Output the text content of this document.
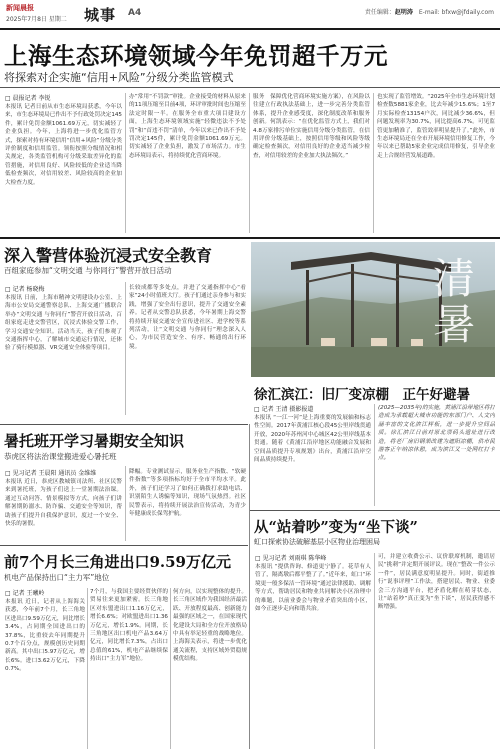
新闻晨报
2025年7月8日 星期二 城事 A4	责任编辑：赵明涛　 E-mail: bfxw@jfdaily.com
上海生态环境领域今年免罚超千万元
将探索对企实施“信用+风险”分级分类监管模式
□ 晨报记者 李锐
本报讯 记者日前从市生态环境局获悉，今年以来，市生态环境局已作出不予行政处罚决定145件，累计免罚金额1061.69万元，切实减轻了企业负担。今年，上海将进一步优化监管方式，探索对持有环境信用“信用+风险”分级分类评价制度和信用监管。领衔按照分级情况和相关规定，各类监管机构可分级采取差异化的监管措施，对信用良好、风险较低的企业适当降低检查频次，对信用较差、风险较高的企业加大检查力度。
办”常用“不罚款”审批。企业接受的材料从原来的11项压缩至目前4项，环评审批时间也压缩至法定时限一半。在服务全市重大项目建设方面，上海生态环境领域实施“轻微违法不予处罚”和“首违不罚”清单，今年以来已作出不予处罚决定145件，累计免罚金额1061.69万元。切实减轻了企业负担，激发了市场活力。市生态环境局表示，将持续优化营商环境。
服务　保障优化营商环境实施方案），在风险以往建立行政执法基础上，进一步完善分类监管体系，提升企业感受度，深化制度改革和服务创新。何凯表示：“在优化监管方式上，我们对4.8万家排污单位实施信用分级分类监管，在信用评价分级基础上，按照信用等级和风险等级确定检查频次，对信用良好的企业适当减少检查，对信用较差的企业加大执法频次。”
也实现了监管增效。“2025年全市生态环境计划检查数5881家企业，比去年减少15.6%；1至7月实际检查13154户次，同比减少36.6%，但问题发现率为30.7%，同比提高6.7%。可见监管更加精准了，监管效率明显提升了。”此外，市生态环境局还在全市开展环境信用修复工作，今年以来已帮助5家企业完成信用修复，引导企业走上合规经营发展道路。
深入警营体验沉浸式安全教育
百组家庭参加“文明交通 与你同行”警营开放日活动
□ 记者 杨晓梅
本报讯 日前，上海市精神文明建设办公室、上海市公安局交通警察总队、上海交通广播联合举办“文明交通 与你同行”警营开放日活动，百组家庭走进交警营区，沉浸式体验交警工作，学习交通安全知识。活动当天，孩子们参观了交通指挥中心，了解城市交通运行情况，还体验了骑行模拟器、VR交通安全体验等项目。
长较成都等多处点，并进了交通指挥中心“看家”24小时值班大厅。孩子们通过亲身参与和实践，增强了安全出行意识，提升了交通安全素养。记者从交警总队获悉，今年暑期上海交警将持续开展交通安全宣传进社区、进学校等系列活动，让“文明交通 与你同行”理念深入人心，为市民营造安全、有序、畅通的出行环境。
清
暑
徐汇滨江：旧厂变凉棚　正午好避暑
□ 记者 王清 摄影报道
本报讯 “一江一河”是上海重要的发展轴和标志性空间。2017年黄浦江核心段45公里岸线贯通开放，2020年苏州河中心城区42公里岸线基本贯通。随着《黄浦江沿岸地区功能融合发展和空间品质提升专项规划》出台，黄浦江沿岸空间品质持续提升。
(2025—2035年)的实施，黄浦江沿岸地区将打造成为承载超大城市功能的东部门户、人文内涵丰富的文化滨江样板，进一步提升空间品质。徐汇滨江日前对原北票码头遗址进行改造，将老厂房旧钢架改建为遮阳凉棚，供市民游客正午纳凉休憩，成为滨江又一处网红打卡点。
暑托班开学习暑期安全知识
恭虎区将法治课堂搬进爱心暑托班
□ 见习记者 王晨阳 通讯员 金维维
本报讯 近日，恭虎区教城镇司法所、社区民警来到暑托班，为孩子们送上一堂暑期法治课。通过互动问答、情景模拟等方式，向孩子们讲解暑期防溺水、防诈骗、交通安全等知识，帮助孩子们提升自我保护意识，度过一个安全、快乐的暑假。
降幅。专业测试显示，服务业生产指数、“软硬件指数”等多项指标均好于全市平均水平。此外，孩子们还学习了如何正确拨打求助电话、识别陌生人诱骗等知识，现场气氛热烈。社区民警表示，将持续开展法治宣传活动，为青少年健康成长保驾护航。
从“站着吵”变为“坐下谈”
虹口探索协法破解基层小区物业治理困局
□ 见习记者 刘雨琪 陈华峰
本报讯 “提供咨询、修道更宁静了。花草有人管了，隔离墩后都平整了了。”近年来，虹口“环境更一般多保洁一管环境”通过法律援助、调解等方式，帮助居民和物业共同解决小区治理中的难题，以前业委会与物业矛盾突出的小区，如今正逐步走向和谐共治。
可，并建立收费公示、议价联席机制，邀请居民“挑刺”并定期开展评议。现在“整改一件公示一件”，居民满意度明显提升。同时，街道推行“说事评理”工作法，搭建居民、物业、业委会三方沟通平台，把矛盾化解在萌芽状态，让“站着吵”真正变为“坐下谈”，居民获得感不断增强。
前7个月长三角进出口9.59万亿元
机电产品保持出口“主力军”地位
□ 记者 王曦岭
本报讯 近日，记者从上海海关获悉，今年前7个月，长三角地区进出口9.59万亿元，同比增长3.4%，占同期全国进出口的37.8%，比重较去年同期提升0.7个百分点，规模创历史同期新高。其中出口5.97万亿元，增长6%。进口3.62万亿元，下降0.7%。
7个月，与我国主要经贸伙伴的贸易往来更加紧密。长三角地区对东盟进出口1.16万亿元，增长6.6%；对欧盟进出口1.36万亿元，增长1.9%。同期，长三角地区出口机电产品3.64万亿元，同比增长7.3%，占出口总值的61%，机电产品继续保持出口“主力军”地位。
何方向，以实现整体的提升。长三角区域作为我国经济最活跃、开放程度最高、创新能力最强的区域之一，在国家现代化建设大局和全方位开放格局中具有举足轻重的战略地位。上海海关表示，将进一步优化通关流程，支持区域外贸稳规模优结构。
